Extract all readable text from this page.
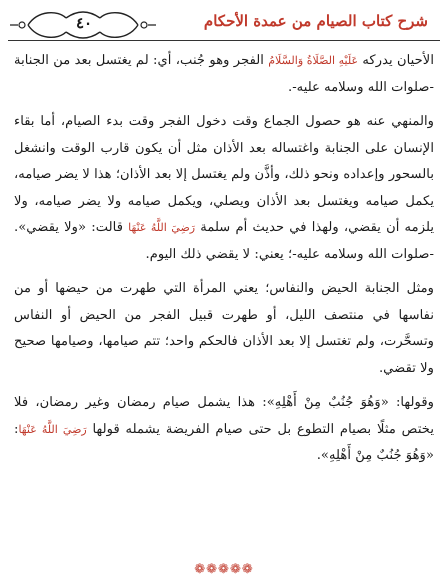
شرح كتاب الصيام من عمدة الأحكام
٤٠

الأحيان يدركه عَلَيْهِ الصَّلَاةُ وَالسَّلَامُ الفجر وهو جُنب، أي: لم يغتسل بعد من الجنابة -صلوات الله وسلامه عليه-.

والمنهي عنه هو حصول الجماع وقت دخول الفجر وقت بدء الصيام، أما بقاء الإنسان على الجنابة واغتساله بعد الأذان مثل أن يكون قارب الوقت وانشغل بالسحور وإعداده ونحو ذلك، وأذَّن ولم يغتسل إلا بعد الأذان؛ هذا لا يضر صيامه، يكمل صيامه ويغتسل بعد الأذان ويصلي، ويكمل صيامه ولا يضر صيامه، ولا يلزمه أن يقضي، ولهذا في حديث أم سلمة رَضِيَ اللَّهُ عَنْهَا قالت: «ولا يقضي». -صلوات الله وسلامه عليه-؛ يعني: لا يقضي ذلك اليوم.

ومثل الجنابة الحيض والنفاس؛ يعني المرأة التي طهرت من حيضها أو من نفاسها في منتصف الليل، أو طهرت قبيل الفجر من الحيض أو النفاس وتسحَّرت، ولم تغتسل إلا بعد الأذان فالحكم واحد؛ تتم صيامها، وصيامها صحيح ولا تقضي.

وقولها: «وَهُوَ جُنُبٌ مِنْ أَهْلِهِ»: هذا يشمل صيام رمضان وغير رمضان، فلا يختص مثلًا بصيام التطوع بل حتى صيام الفريضة يشمله قولها رَضِيَ اللَّهُ عَنْهَا: «وَهُوَ جُنُبٌ مِنْ أَهْلِهِ».

❁❁❁❁❁
